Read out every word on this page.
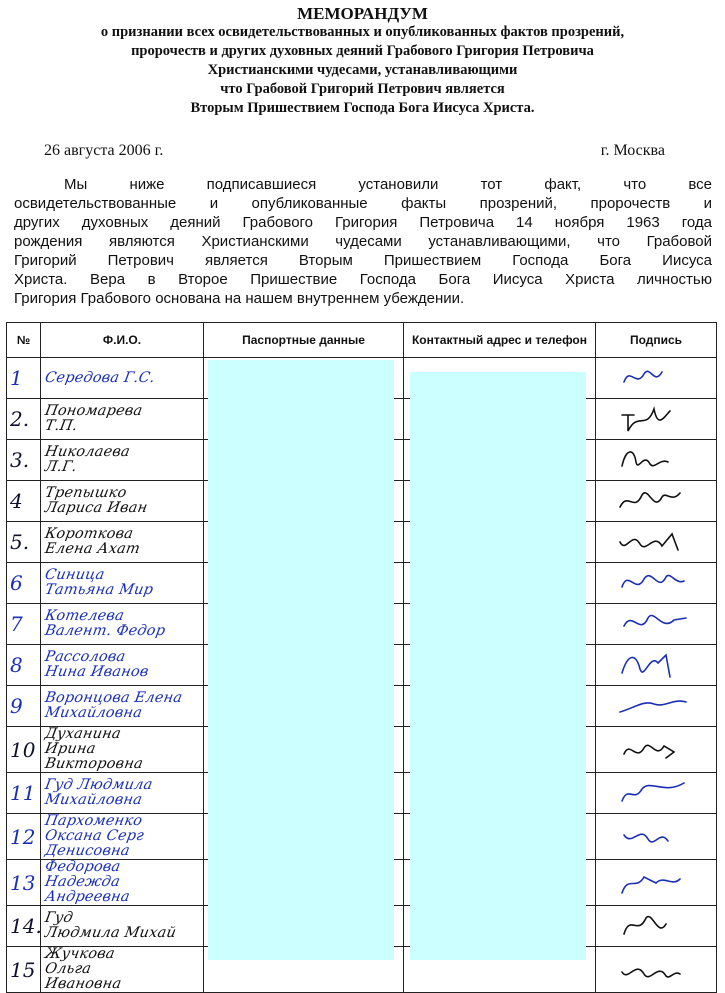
МЕМОРАНДУМ
о признании всех освидетельствованных и опубликованных фактов прозрений,
пророчеств и других духовных деяний Грабового Григория Петровича
Христианскими чудесами, устанавливающими
что Грабовой Григорий Петрович является
Вторым Пришествием Господа Бога Иисуса Христа.
26 августа 2006 г.	г. Москва
Мы ниже подписавшиеся установили тот факт, что все
освидетельствованные и опубликованные факты прозрений, пророчеств и
других духовных деяний Грабового Григория Петровича 14 ноября 1963 года
рождения являются Христианскими чудесами устанавливающими, что Грабовой
Григорий Петрович является Вторым Пришествием Господа Бога Иисуса
Христа. Вера в Второе Пришествие Господа Бога Иисуса Христа личностью
Григория Грабового основана на нашем внутреннем убеждении.
№	Ф.И.О.	Паспортные данные	Контактный адрес и телефон	Подпись
1	Середова Г.С.

2.	Пономарева
Т.П.

3.	Николаева
Л.Г.

4	Трепышко
Лариса Иван

5.	Короткова
Елена Ахат

6	Синица
Татьяна Мир

7	Котелева
Валент. Федор

8	Рассолова
Нина Иванов

9	Воронцова Елена
Михайловна

10	Духанина
Ирина
Викторовна

11	Гуд Людмила
Михайловна

12	Пархоменко
Оксана Серг
Денисовна

13	Федорова
Надежда
Андреевна

14.	Гуд
Людмила Михай

15	Жучкова
Ольга
Ивановна
